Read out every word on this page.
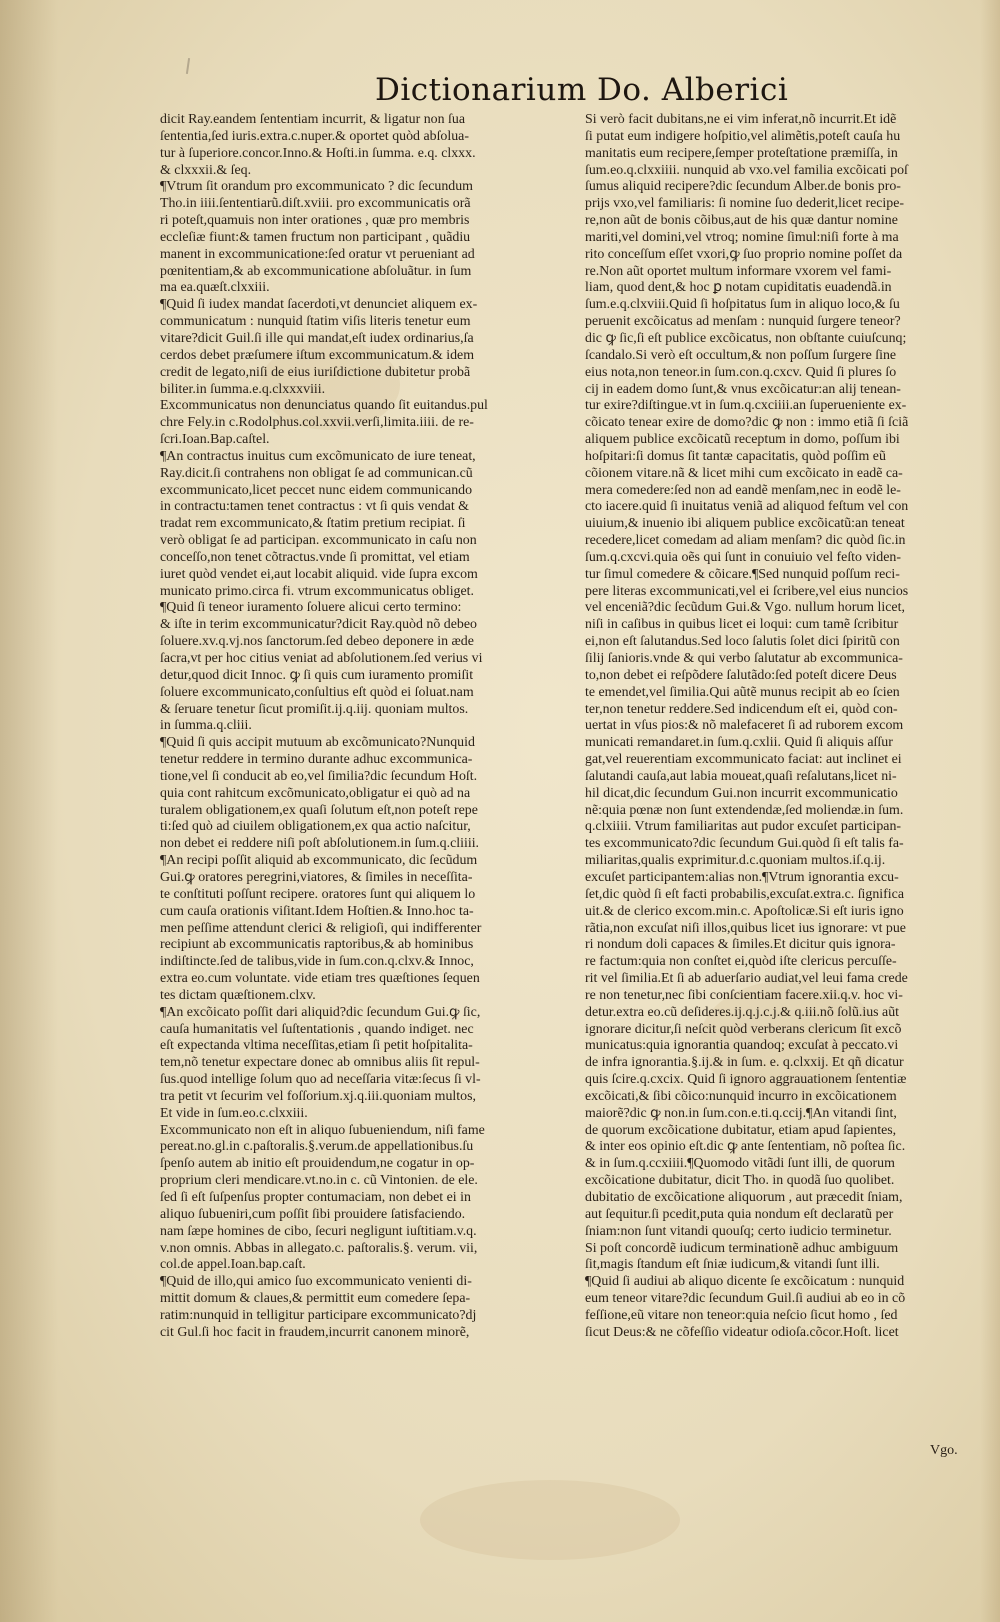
Dictionarium Do. Alberici
dicit Ray.eandem ſententiam incurrit, & ligatur non ſua
ſententia,ſed iuris.extra.c.nuper.& oportet quòd abſolua-
tur à ſuperiore.concor.Inno.& Hoſti.in ſumma. e.q. clxxx.
& clxxxii.& ſeq.
¶Vtrum ſit orandum pro excommunicato ? dic ſecundum
Tho.in iiii.ſententiarũ.diſt.xviii. pro excommunicatis orã
ri poteſt,quamuis non inter orationes , quæ pro membris
eccleſiæ fiunt:& tamen fructum non participant , quãdiu
manent in excommunicatione:ſed oratur vt perueniant ad
pœnitentiam,& ab excommunicatione abſoluãtur. in ſum
ma ea.quæſt.clxxiii.
¶Quid ſi iudex mandat ſacerdoti,vt denunciet aliquem ex-
communicatum : nunquid ſtatim viſis literis tenetur eum
vitare?dicit Guil.ſi ille qui mandat,eſt iudex ordinarius,ſa
cerdos debet præſumere iſtum excommunicatum.& idem
credit de legato,niſi de eius iuriſdictione dubitetur probã
biliter.in ſumma.e.q.clxxxviii.
Excommunicatus non denunciatus quando ſit euitandus.pul
chre Fely.in c.Rodolphus.col.xxvii.verſi,limita.iiii. de re-
ſcri.Ioan.Bap.caſtel.
¶An contractus inuitus cum excõmunicato de iure teneat,
Ray.dicit.ſi contrahens non obligat ſe ad communican.cũ
excommunicato,licet peccet nunc eidem communicando
in contractu:tamen tenet contractus : vt ſi quis vendat &
tradat rem excommunicato,& ſtatim pretium recipiat. ſi
verò obligat ſe ad participan. excommunicato in caſu non
conceſſo,non tenet cõtractus.vnde ſi promittat, vel etiam
iuret quòd vendet ei,aut locabit aliquid. vide ſupra excom
municato primo.circa fi. vtrum excommunicatus obliget.
¶Quid ſi teneor iuramento ſoluere alicui certo termino:
& iſte in terim excommunicatur?dicit Ray.quòd nõ debeo
ſoluere.xv.q.vj.nos ſanctorum.ſed debeo deponere in æde
ſacra,vt per hoc citius veniat ad abſolutionem.ſed verius vi
detur,quod dicit Innoc. ꝙ ſi quis cum iuramento promiſit
ſoluere excommunicato,conſultius eſt quòd ei ſoluat.nam
& ſeruare tenetur ſicut promiſit.ij.q.iij. quoniam multos.
in ſumma.q.cliii.
¶Quid ſi quis accipit mutuum ab excõmunicato?Nunquid
tenetur reddere in termino durante adhuc excommunica-
tione,vel ſi conducit ab eo,vel ſimilia?dic ſecundum Hoſt.
quia cont rahitcum excõmunicato,obligatur ei quò ad na
turalem obligationem,ex quaſi ſolutum eſt,non poteſt repe
ti:ſed quò ad ciuilem obligationem,ex qua actio naſcitur,
non debet ei reddere niſi poſt abſolutionem.in ſum.q.cliiii.
¶An recipi poſſit aliquid ab excommunicato, dic ſecũdum
Gui.ꝙ oratores peregrini,viatores, & ſimiles in neceſſita-
te conſtituti poſſunt recipere. oratores ſunt qui aliquem lo
cum cauſa orationis viſitant.Idem Hoſtien.& Inno.hoc ta-
men peſſime attendunt clerici & religioſi, qui indifferenter
recipiunt ab excommunicatis raptoribus,& ab hominibus
indiſtincte.ſed de talibus,vide in ſum.con.q.clxv.& Innoc,
extra eo.cum voluntate. vide etiam tres quæſtiones ſequen
tes dictam quæſtionem.clxv.
¶An excõicato poſſit dari aliquid?dic ſecundum Gui.ꝙ ſic,
cauſa humanitatis vel ſuſtentationis , quando indiget. nec
eſt expectanda vltima neceſſitas,etiam ſi petit hoſpitalita-
tem,nõ tenetur expectare donec ab omnibus aliis ſit repul-
ſus.quod intellige ſolum quo ad neceſſaria vitæ:ſecus ſi vl-
tra petit vt ſecurim vel foſſorium.xj.q.iii.quoniam multos,
Et vide in ſum.eo.c.clxxiii.
Excommunicato non eſt in aliquo ſubueniendum, niſi fame
pereat.no.gl.in c.paſtoralis.§.verum.de appellationibus.ſu
ſpenſo autem ab initio eſt prouidendum,ne cogatur in op-
proprium cleri mendicare.vt.no.in c. cũ Vintonien. de ele.
ſed ſi eſt ſuſpenſus propter contumaciam, non debet ei in
aliquo ſubueniri,cum poſſit ſibi prouidere ſatisfaciendo.
nam ſæpe homines de cibo, ſecuri negligunt iuſtitiam.v.q.
v.non omnis. Abbas in allegato.c. paſtoralis.§. verum. vii,
col.de appel.Ioan.bap.caſt.
¶Quid de illo,qui amico ſuo excommunicato venienti di-
mittit domum & claues,& permittit eum comedere ſepa-
ratim:nunquid in telligitur participare excommunicato?dj
cit Gul.ſi hoc facit in fraudem,incurrit canonem minorẽ,
Si verò facit dubitans,ne ei vim inferat,nõ incurrit.Et idẽ
ſi putat eum indigere hoſpitio,vel alimẽtis,poteſt cauſa hu
manitatis eum recipere,ſemper proteſtatione præmiſſa, in
ſum.eo.q.clxxiiii. nunquid ab vxo.vel familia excõicati poſ
ſumus aliquid recipere?dic ſecundum Alber.de bonis pro-
prijs vxo,vel familiaris: ſi nomine ſuo dederit,licet recipe-
re,non aũt de bonis cõibus,aut de his quæ dantur nomine
mariti,vel domini,vel vtroq; nomine ſimul:niſi forte à ma
rito conceſſum eſſet vxori,ꝙ ſuo proprio nomine poſſet da
re.Non aũt oportet multum informare vxorem vel fami-
liam, quod dent,& hoc ꝑ notam cupiditatis euadendã.in
ſum.e.q.clxviii.Quid ſi hoſpitatus ſum in aliquo loco,& ſu
peruenit excõicatus ad menſam : nunquid ſurgere teneor?
dic ꝙ ſic,ſi eſt publice excõicatus, non obſtante cuiuſcunq;
ſcandalo.Si verò eſt occultum,& non poſſum ſurgere ſine
eius nota,non teneor.in ſum.con.q.cxcv. Quid ſi plures ſo
cij in eadem domo ſunt,& vnus excõicatur:an alij tenean-
tur exire?diſtingue.vt in ſum.q.cxciiii.an ſuperueniente ex-
cõicato tenear exire de domo?dic ꝙ non : immo etiã ſi ſciã
aliquem publice excõicatũ receptum in domo, poſſum ibi
hoſpitari:ſi domus ſit tantæ capacitatis, quòd poſſim eũ
cõionem vitare.nã & licet mihi cum excõicato in eadẽ ca-
mera comedere:ſed non ad eandẽ menſam,nec in eodẽ le-
cto iacere.quid ſi inuitatus veniã ad aliquod feſtum vel con
uiuium,& inuenio ibi aliquem publice excõicatũ:an teneat
recedere,licet comedam ad aliam menſam? dic quòd ſic.in
ſum.q.cxcvi.quia oẽs qui ſunt in conuiuio vel feſto viden-
tur ſimul comedere & cõicare.¶Sed nunquid poſſum reci-
pere literas excommunicati,vel ei ſcribere,vel eius nuncios
vel enceniã?dic ſecũdum Gui.& Vgo. nullum horum licet,
niſi in caſibus in quibus licet ei loqui: cum tamẽ ſcribitur
ei,non eſt ſalutandus.Sed loco ſalutis ſolet dici ſpiritũ con
ſilij ſanioris.vnde & qui verbo ſalutatur ab excommunica-
to,non debet ei reſpõdere ſalutãdo:ſed poteſt dicere Deus
te emendet,vel ſimilia.Qui aũtẽ munus recipit ab eo ſcien
ter,non tenetur reddere.Sed indicendum eſt ei, quòd con-
uertat in vſus pios:& nõ malefaceret ſi ad ruborem excom
municati remandaret.in ſum.q.cxlii. Quid ſi aliquis aſſur
gat,vel reuerentiam excommunicato faciat: aut inclinet ei
ſalutandi cauſa,aut labia moueat,quaſi reſalutans,licet ni-
hil dicat,dic ſecundum Gui.non incurrit excommunicatio
nẽ:quia pœnæ non ſunt extendendæ,ſed moliendæ.in ſum.
q.clxiiii. Vtrum familiaritas aut pudor excuſet participan-
tes excommunicato?dic ſecundum Gui.quòd ſi eſt talis fa-
miliaritas,qualis exprimitur.d.c.quoniam multos.iſ.q.ij.
excuſet participantem:alias non.¶Vtrum ignorantia excu-
ſet,dic quòd ſi eſt facti probabilis,excuſat.extra.c. ſignifica
uit.& de clerico excom.min.c. Apoſtolicæ.Si eſt iuris igno
rãtia,non excuſat niſi illos,quibus licet ius ignorare: vt pue
ri nondum doli capaces & ſimiles.Et dicitur quis ignora-
re factum:quia non conſtet ei,quòd iſte clericus percuſſe-
rit vel ſimilia.Et ſi ab aduerſario audiat,vel leui fama crede
re non tenetur,nec ſibi conſcientiam facere.xii.q.v. hoc vi-
detur.extra eo.cũ deſideres.ij.q.j.c.j.& q.iii.nõ ſolũ.ius aũt
ignorare dicitur,ſi neſcit quòd verberans clericum ſit excõ
municatus:quia ignorantia quandoq; excuſat à peccato.vi
de infra ignorantia.§.ij.& in ſum. e. q.clxxij. Et qñ dicatur
quis ſcire.q.cxcix. Quid ſi ignoro aggrauationem ſententiæ
excõicati,& ſibi cõico:nunquid incurro in excõicationem
maiorẽ?dic ꝙ non.in ſum.con.e.ti.q.ccij.¶An vitandi ſint,
de quorum excõicatione dubitatur, etiam apud ſapientes,
& inter eos opinio eſt.dic ꝙ ante ſententiam, nõ poſtea ſic.
& in ſum.q.ccxiiii.¶Quomodo vitãdi ſunt illi, de quorum
excõicatione dubitatur, dicit Tho. in quodã ſuo quolibet.
dubitatio de excõicatione aliquorum , aut præcedit ſniam,
aut ſequitur.ſi pcedit,puta quia nondum eſt declaratũ per
ſniam:non ſunt vitandi quouſq; certo iudicio terminetur.
Si poſt concordẽ iudicum terminationẽ adhuc ambiguum
ſit,magis ſtandum eſt ſniæ iudicum,& vitandi ſunt illi.
¶Quid ſi audiui ab aliquo dicente ſe excõicatum : nunquid
eum teneor vitare?dic ſecundum Guil.ſi audiui ab eo in cõ
feſſione,eũ vitare non teneor:quia neſcio ſicut homo , ſed
ſicut Deus:& ne cõfeſſio videatur odioſa.cõcor.Hoſt. licet
Vgo.
